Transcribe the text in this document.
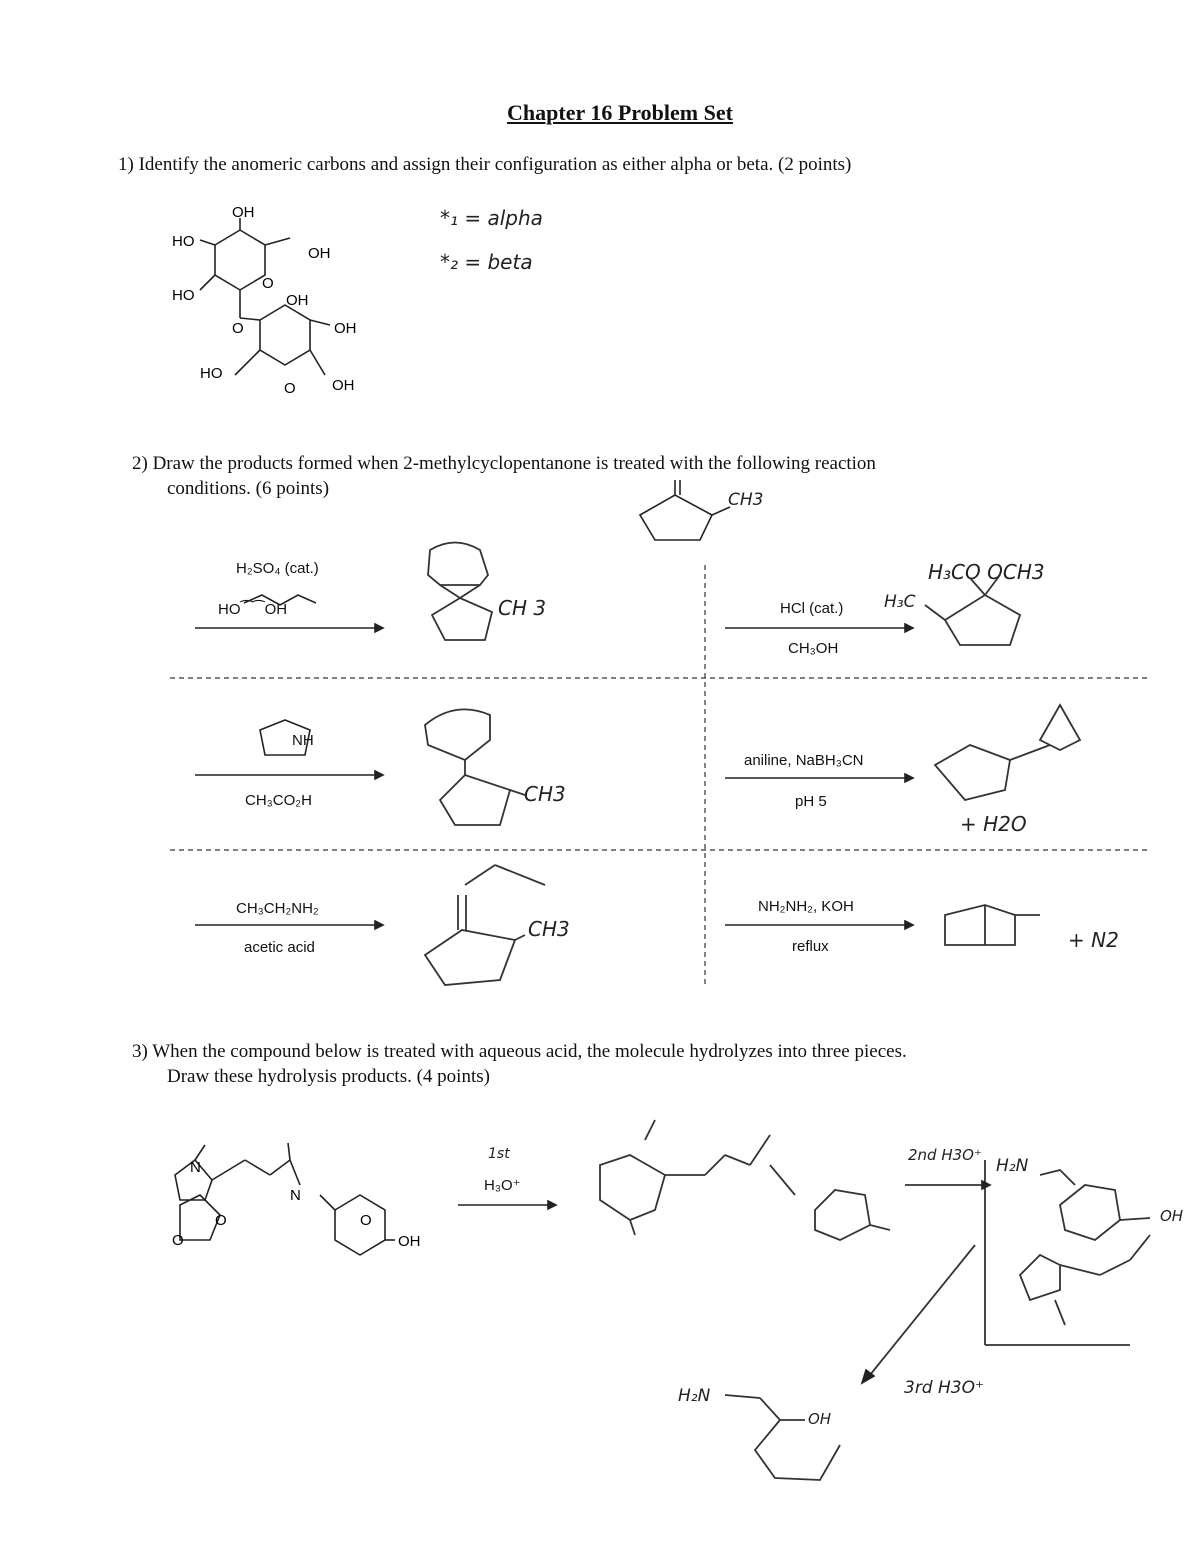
Chapter 16 Problem Set
1) Identify the anomeric carbons and assign their configuration as either alpha or beta. (2 points)
*₁ = alpha
*₂ = beta
2) Draw the products formed when 2-methylcyclopentanone is treated with the following reaction
conditions. (6 points)
3) When the compound below is treated with aqueous acid, the molecule hydrolyzes into three pieces.
Draw these hydrolysis products. (4 points)
H₂SO₄ (cat.)
HO⁀⁀OH	CH 3	HCl (cat.)
CH₃OH
H₃CO OCH3
H₃C
NH
CH₃CO₂H	CH3
aniline, NaBH₃CN
pH 5
+ H2O
CH₃CH₂NH₂
acetic acid
CH3
NH₂NH₂, KOH
reflux	+ N2
CH3
1st
H₃O⁺
2nd H3O⁺
3rd H3O⁺
H₂N
OH
H₂N
OH
OH
HO
OH
O
HO	OH
O	OH
HO
O OH
N
O
O
N
O
OH
